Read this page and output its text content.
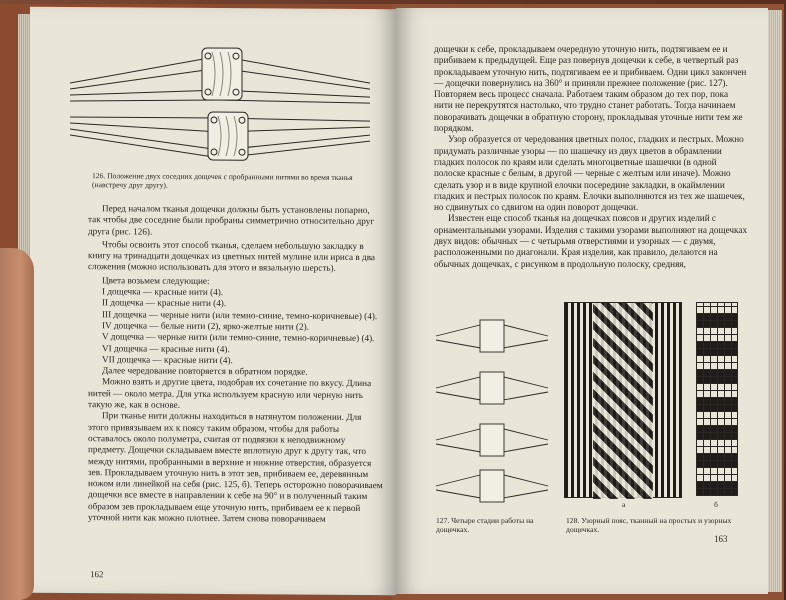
126. Положение двух соседних дощечек с пробранными нитями во время тканья (навстречу друг другу).
Перед началом тканья дощечки должны быть установлены попарно, так чтобы две соседние были пробраны симметрично относительно друг друга (рис. 126).
Чтобы освоить этот способ тканья, сделаем небольшую закладку в книгу на тринадцати дощечках из цветных нитей мулине или ириса в два сложения (можно использовать для этого и вязальную шерсть).
Цвета возьмем следующие:
I дощечка — красные нити (4).
II дощечка — красные нити (4).
III дощечка — черные нити (или темно-синие, темно-коричневые) (4).
IV дощечка — белые нити (2), ярко-желтые нити (2).
V дощечка — черные нити (или темно-синие, темно-коричневые) (4).
VI дощечка — красные нити (4).
VII дощечка — красные нити (4).
Далее чередование повторяется в обратном порядке.
Можно взять и другие цвета, подобрав их сочетание по вкусу. Длина нитей — около метра. Для утка используем красную или черную нить такую же, как в основе.
При тканье нити должны находиться в натянутом положении. Для этого привязываем их к поясу таким образом, чтобы для работы оставалось около полуметра, считая от подвязки к неподвижному предмету. Дощечки складываем вместе вплотную друг к другу так, что между нитями, пробранными в верхние и нижние отверстия, образуется зев. Прокладываем уточную нить в этот зев, прибиваем ее, деревянным ножом или линейкой на себя (рис. 125, б). Теперь осторожно поворачиваем дощечки все вместе в направлении к себе на 90° и в полученный таким образом зев прокладываем еще уточную нить, прибиваем ее к первой уточной нити как можно плотнее. Затем снова поворачиваем
162
дощечки к себе, прокладываем очередную уточную нить, подтягиваем ее и прибиваем к предыдущей. Еще раз повернув дощечки к себе, в четвертый раз прокладываем уточную нить, подтягиваем ее и прибиваем. Одни цикл закончен — дощечки повернулись на 360° и приняли прежнее положение (рис. 127). Повторяем весь процесс сначала. Работаем таким образом до тех пор, пока нити не перекрутятся настолько, что трудно станет работать. Тогда начинаем поворачивать дощечки в обратную сторону, прокладывая уточные нити тем же порядком.
Узор образуется от чередования цветных полос, гладких и пестрых. Можно придумать различные узоры — по шашечку из двух цветов в обрамлении гладких полосок по краям или сделать многоцветные шашечки (в одной полоске красные с белым, в другой — черные с желтым или иначе). Можно сделать узор и в виде крупной елочки посередине закладки, в окаймлении гладких и пестрых полосок по краям. Елочки выполняются из тех же шашечек, но сдвинутых со сдвигом на один поворот дощечки.
Известен еще способ тканья на дощечках поясов и других изделий с орнаментальными узорами. Изделия с такими узорами выполняют на дощечках двух видов: обычных — с четырьмя отверстиями и узорных — с двумя, расположенными по диагонали. Края изделия, как правило, делаются на обычных дощечках, с рисунком в продольную полоску, средняя,
а	б
127. Четыре стадии работы на дощечках.
128. Узорный пояс, тканный на простых и узорных дощечках.
163
